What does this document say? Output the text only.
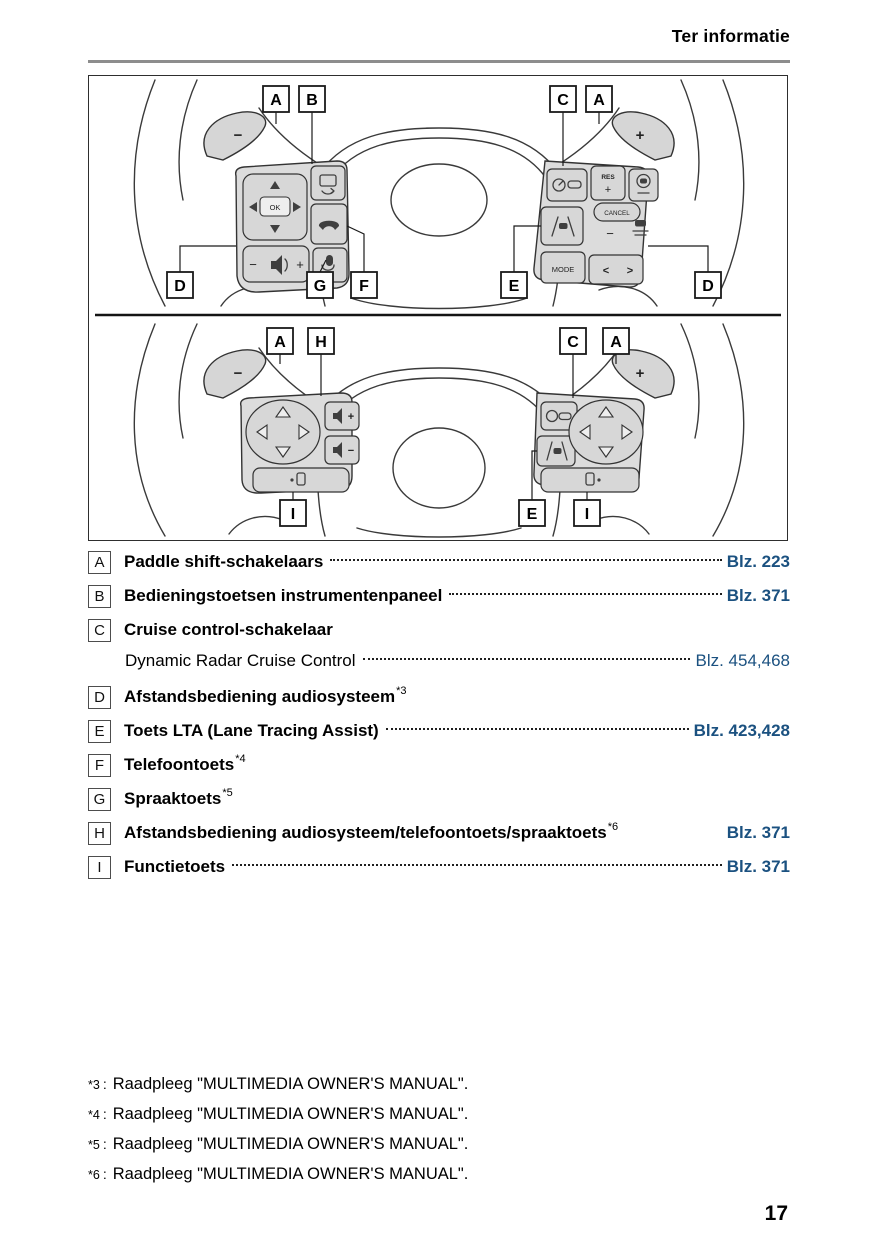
Ter informatie
−	+
OK
−	+
RES
+
CANCEL
−
MODE	< >
A B	C A
D	G F	E	D
−	+
+
−
A H	C A
I	E	I
A	Paddle shift-schakelaars	Blz. 223
B	Bedieningstoetsen instrumentenpaneel	Blz. 371
C	Cruise control-schakelaar
Dynamic Radar Cruise Control	Blz. 454,468
D	Afstandsbediening audiosysteem *3
E	Toets LTA (Lane Tracing Assist)	Blz. 423,428
F	Telefoontoets *4
G	Spraaktoets *5
H	Afstandsbediening audiosysteem/telefoontoets/spraaktoets *6	Blz. 371
I	Functietoets	Blz. 371
*3 : Raadpleeg "MULTIMEDIA OWNER'S MANUAL".
*4 : Raadpleeg "MULTIMEDIA OWNER'S MANUAL".
*5 : Raadpleeg "MULTIMEDIA OWNER'S MANUAL".
*6 : Raadpleeg "MULTIMEDIA OWNER'S MANUAL".
17
